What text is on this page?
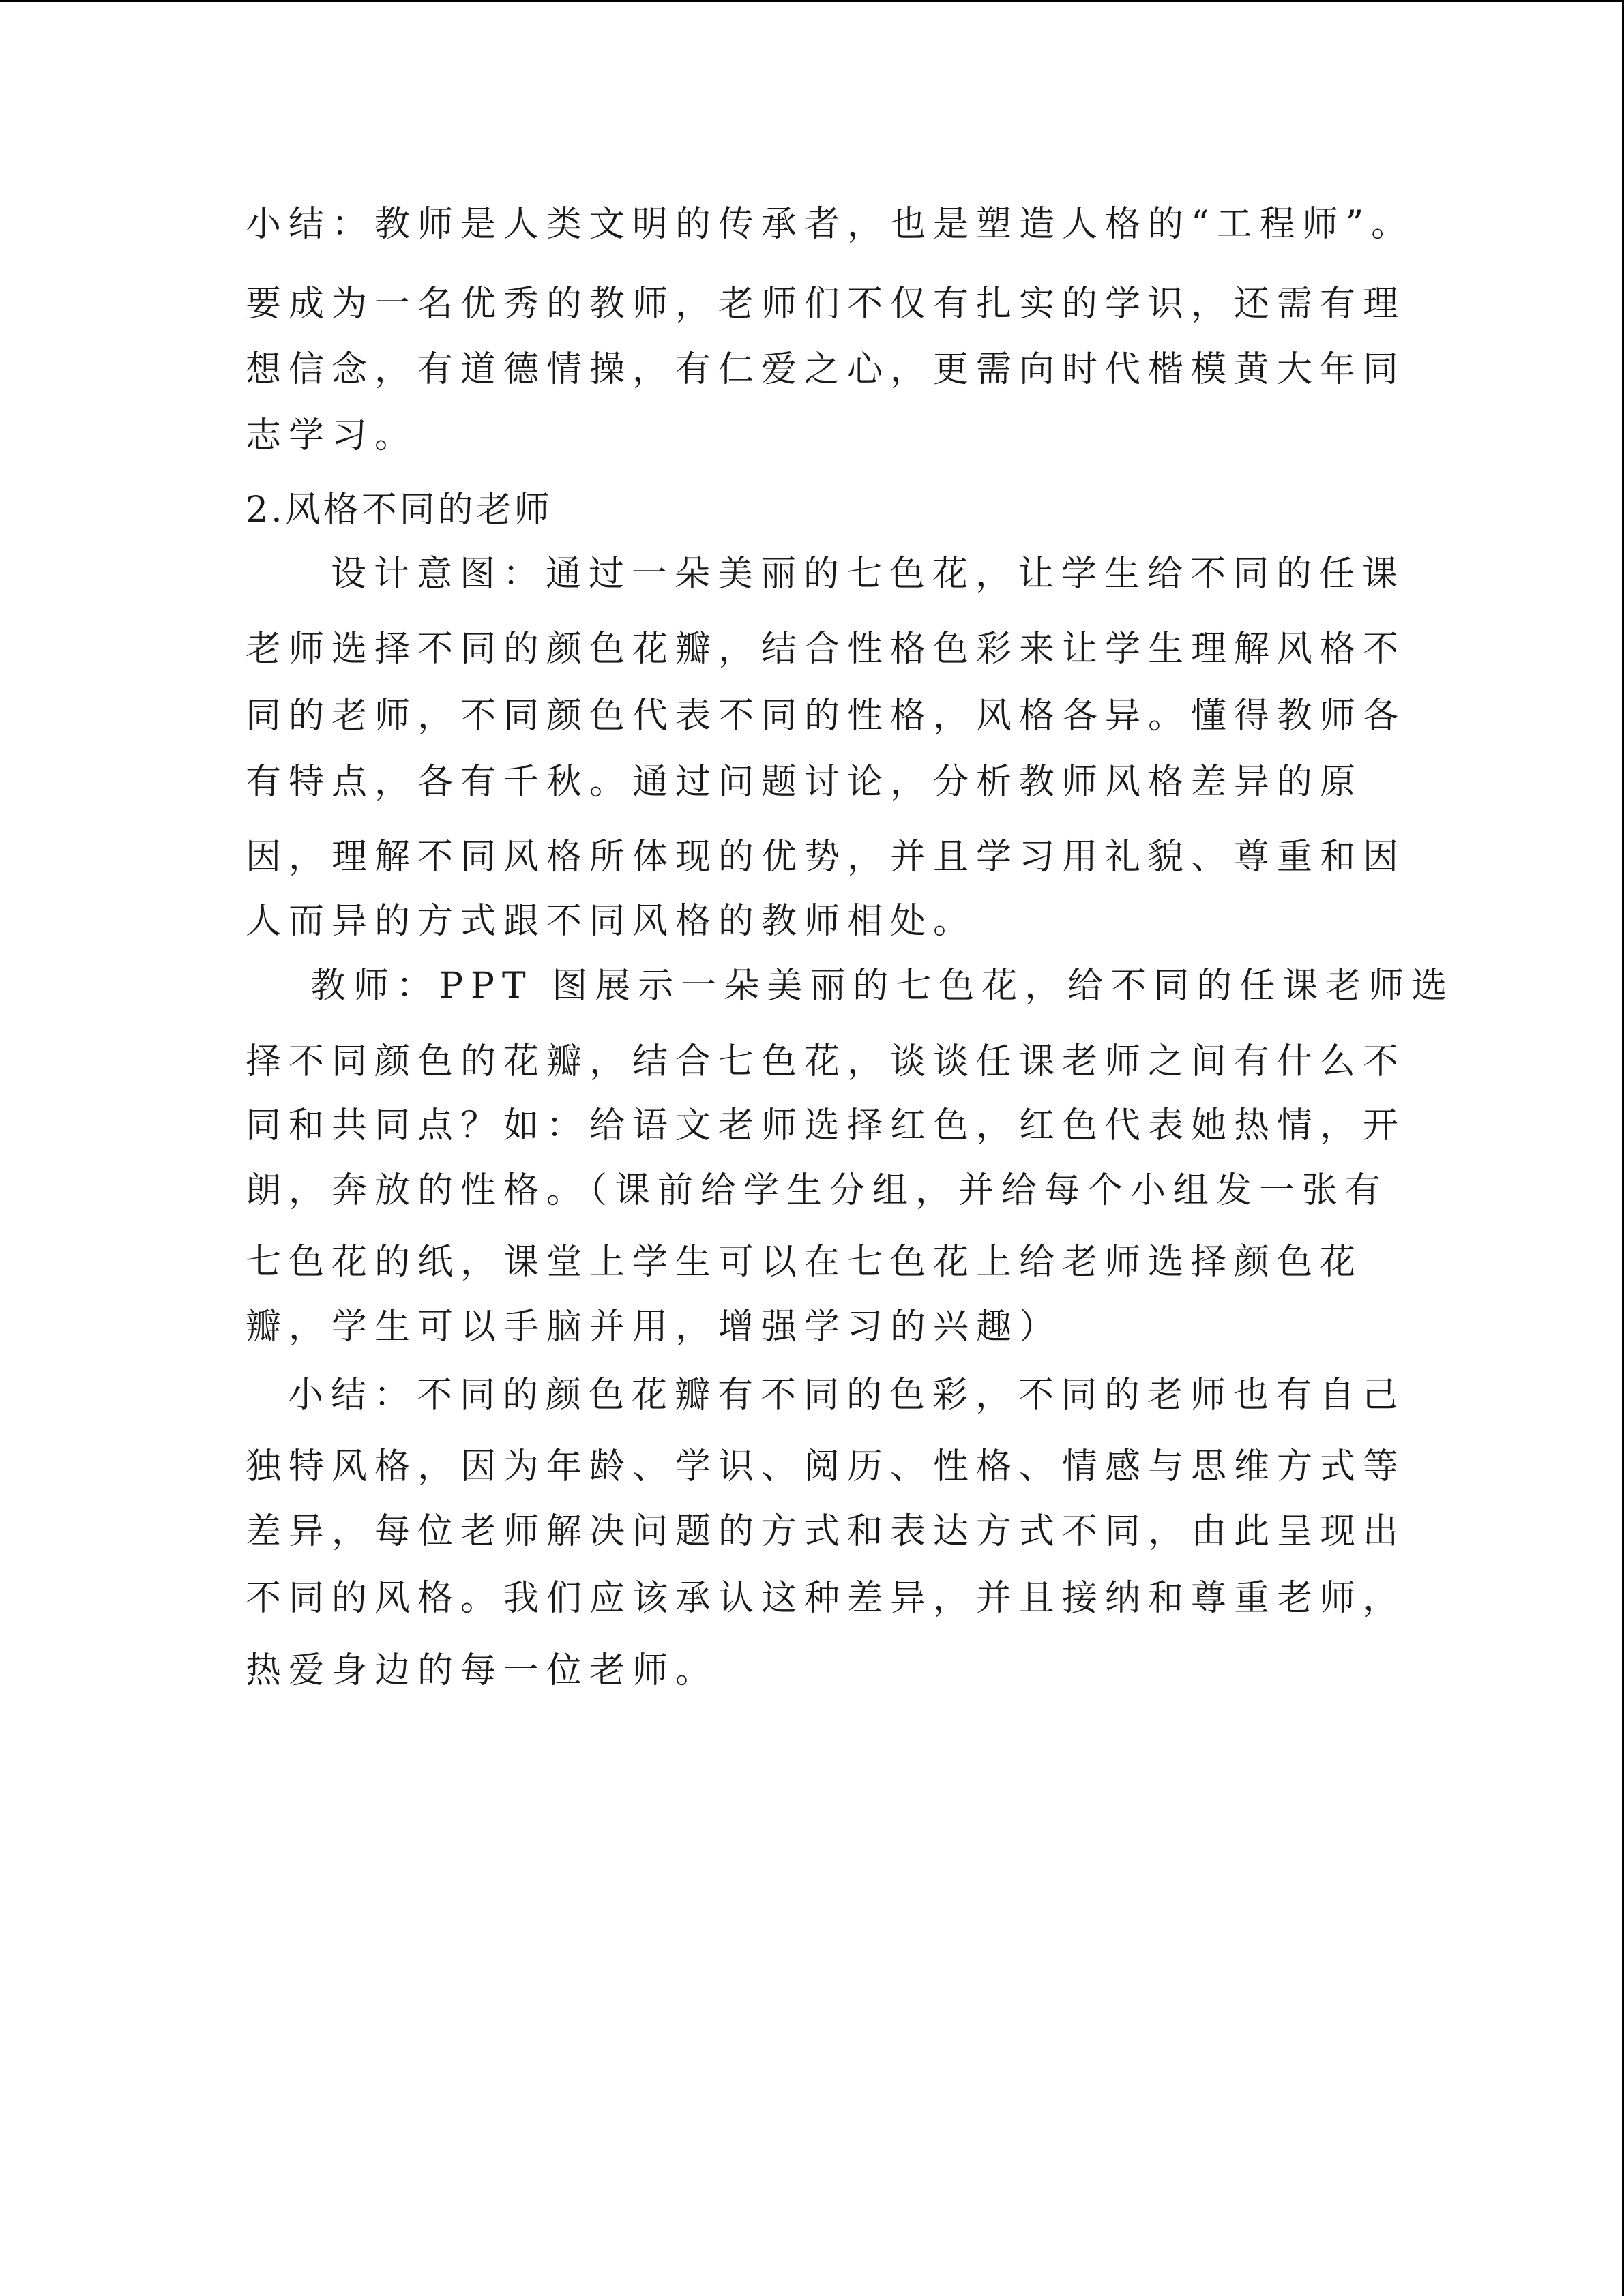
小结：教师是人类文明的传承者，也是塑造人格的“工程师”。
要成为一名优秀的教师，老师们不仅有扎实的学识，还需有理
想信念，有道德情操，有仁爱之心，更需向时代楷模黄大年同
志学习。
2.风格不同的老师
设计意图：通过一朵美丽的七色花，让学生给不同的任课
老师选择不同的颜色花瓣，结合性格色彩来让学生理解风格不
同的老师，不同颜色代表不同的性格，风格各异。懂得教师各
有特点，各有千秋。通过问题讨论，分析教师风格差异的原
因，理解不同风格所体现的优势，并且学习用礼貌、尊重和因
人而异的方式跟不同风格的教师相处。
教师：PPT 图展示一朵美丽的七色花，给不同的任课老师选
择不同颜色的花瓣，结合七色花，谈谈任课老师之间有什么不
同和共同点？如：给语文老师选择红色，红色代表她热情，开
朗，奔放的性格。（课前给学生分组，并给每个小组发一张有
七色花的纸，课堂上学生可以在七色花上给老师选择颜色花
瓣，学生可以手脑并用，增强学习的兴趣）
小结：不同的颜色花瓣有不同的色彩，不同的老师也有自己
独特风格，因为年龄、学识、阅历、性格、情感与思维方式等
差异，每位老师解决问题的方式和表达方式不同，由此呈现出
不同的风格。我们应该承认这种差异，并且接纳和尊重老师，
热爱身边的每一位老师。
